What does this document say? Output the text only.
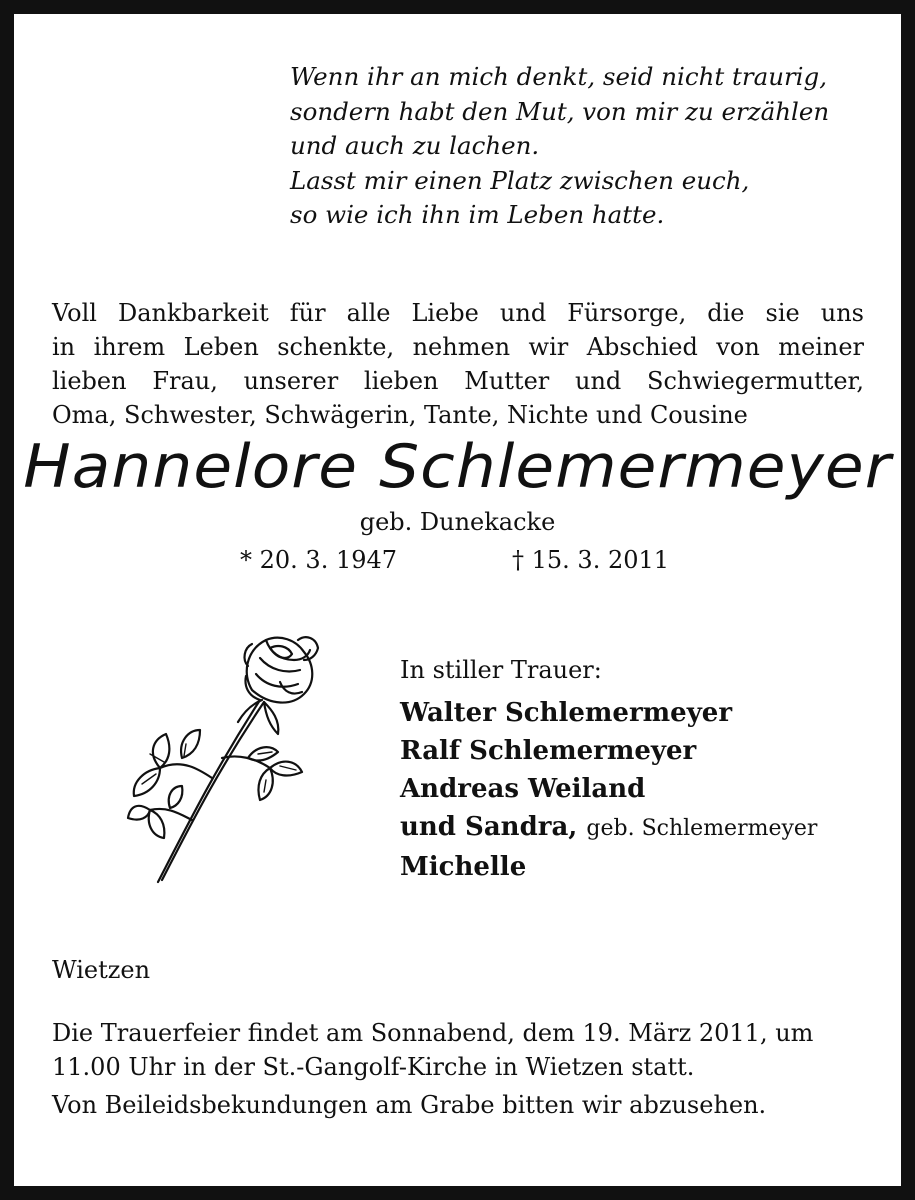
Wenn ihr an mich denkt, seid nicht traurig,
sondern habt den Mut, von mir zu erzählen
und auch zu lachen.
Lasst mir einen Platz zwischen euch,
so wie ich ihn im Leben hatte.
Voll Dankbarkeit für alle Liebe und Fürsorge, die sie uns
in ihrem Leben schenkte, nehmen wir Abschied von meiner
lieben Frau, unserer lieben Mutter und Schwiegermutter,
Oma, Schwester, Schwägerin, Tante, Nichte und Cousine
Hannelore Schlemermeyer
geb. Dunekacke
* 20. 3. 1947	† 15. 3. 2011
In stiller Trauer:
Walter Schlemermeyer
Ralf Schlemermeyer
Andreas Weiland
und Sandra, geb. Schlemermeyer
Michelle
Wietzen
Die Trauerfeier findet am Sonnabend, dem 19. März 2011, um
11.00 Uhr in der St.-Gangolf-Kirche in Wietzen statt.
Von Beileidsbekundungen am Grabe bitten wir abzusehen.
